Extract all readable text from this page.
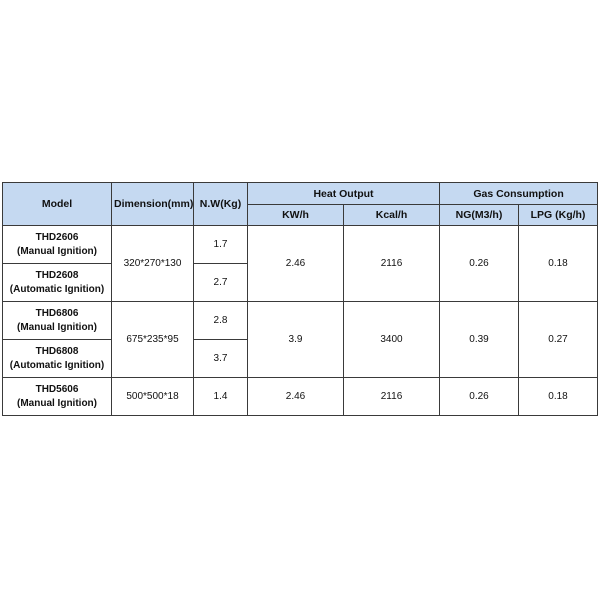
Model	Dimension(mm)	N.W(Kg)	Heat Output		Gas Consumption	
			KW/h	Kcal/h	NG(M3/h)	LPG (Kg/h)

THD2606
(Manual Ignition)	320*270*130	1.7	2.46	2116	0.26	0.18

THD2608
(Automatic Ignition)		2.7				

THD6806
(Manual Ignition)	675*235*95	2.8	3.9	3400	0.39	0.27

THD6808
(Automatic Ignition)		3.7				

THD5606
(Manual Ignition)	500*500*18	1.4	2.46	2116	0.26	0.18
